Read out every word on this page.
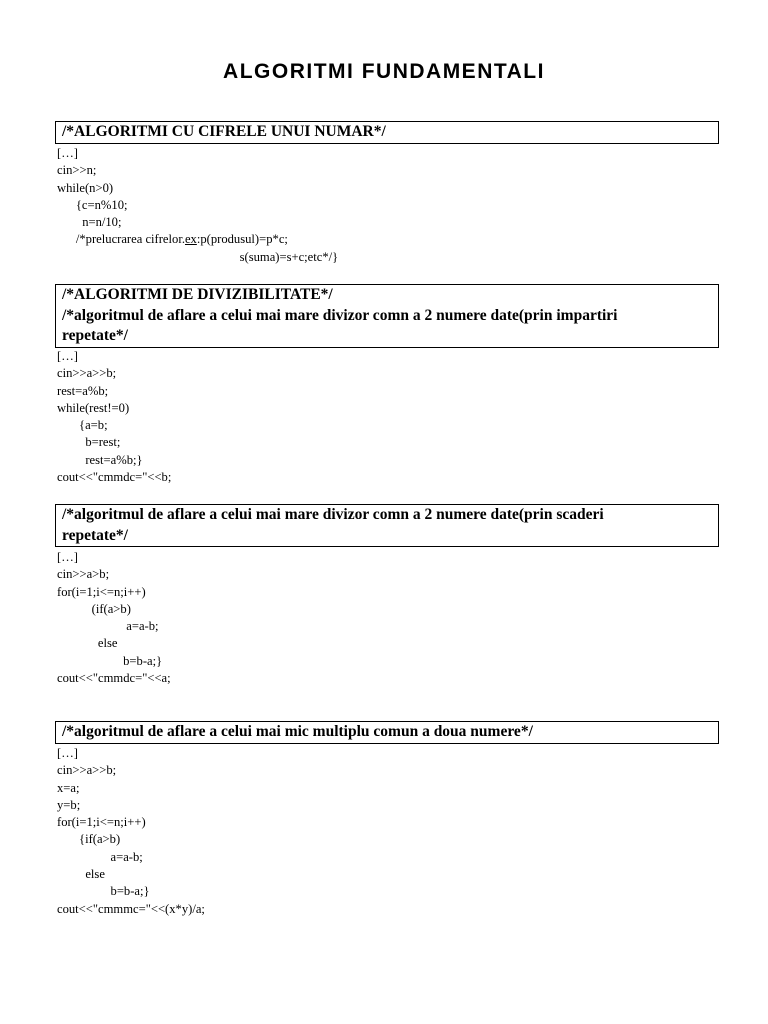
ALGORITMI FUNDAMENTALI
/*ALGORITMI CU CIFRELE UNUI NUMAR*/
[…]
cin>>n;
while(n>0)
{c=n%10;
n=n/10;
/*prelucrarea cifrelor.ex:p(produsul)=p*c;
s(suma)=s+c;etc*/}
/*ALGORITMI DE DIVIZIBILITATE*/
/*algoritmul de aflare a celui mai mare divizor comn a 2 numere date(prin impartiri
repetate*/
[…]
cin>>a>>b;
rest=a%b;
while(rest!=0)
{a=b;
b=rest;
rest=a%b;}
cout<<"cmmdc="<<b;
/*algoritmul de aflare a celui mai mare divizor comn a 2 numere date(prin scaderi
repetate*/
[…]
cin>>a>b;
for(i=1;i<=n;i++)
(if(a>b)
a=a-b;
else
b=b-a;}
cout<<"cmmdc="<<a;
/*algoritmul de aflare a celui mai mic multiplu comun a doua numere*/
[…]
cin>>a>>b;
x=a;
y=b;
for(i=1;i<=n;i++)
{if(a>b)
a=a-b;
else
b=b-a;}
cout<<"cmmmc="<<(x*y)/a;
